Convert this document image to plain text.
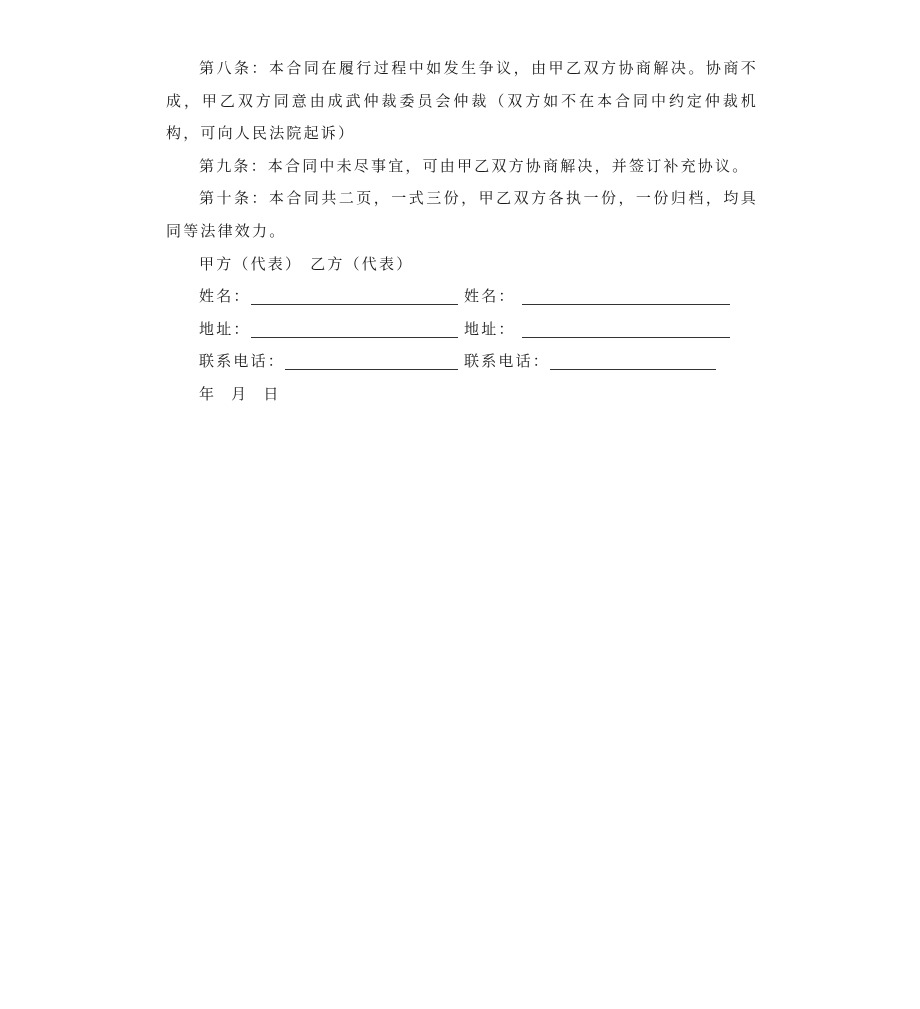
第八条：本合同在履行过程中如发生争议，由甲乙双方协商解决。协商不成，甲乙双方同意由成武仲裁委员会仲裁（双方如不在本合同中约定仲裁机构，可向人民法院起诉）

第九条：本合同中未尽事宜，可由甲乙双方协商解决，并签订补充协议。

第十条：本合同共二页，一式三份，甲乙双方各执一份，一份归档，均具同等法律效力。

甲方（代表） 乙方（代表）
姓名：	姓名：
地址：	地址：
联系电话：	联系电话：
年 月 日
